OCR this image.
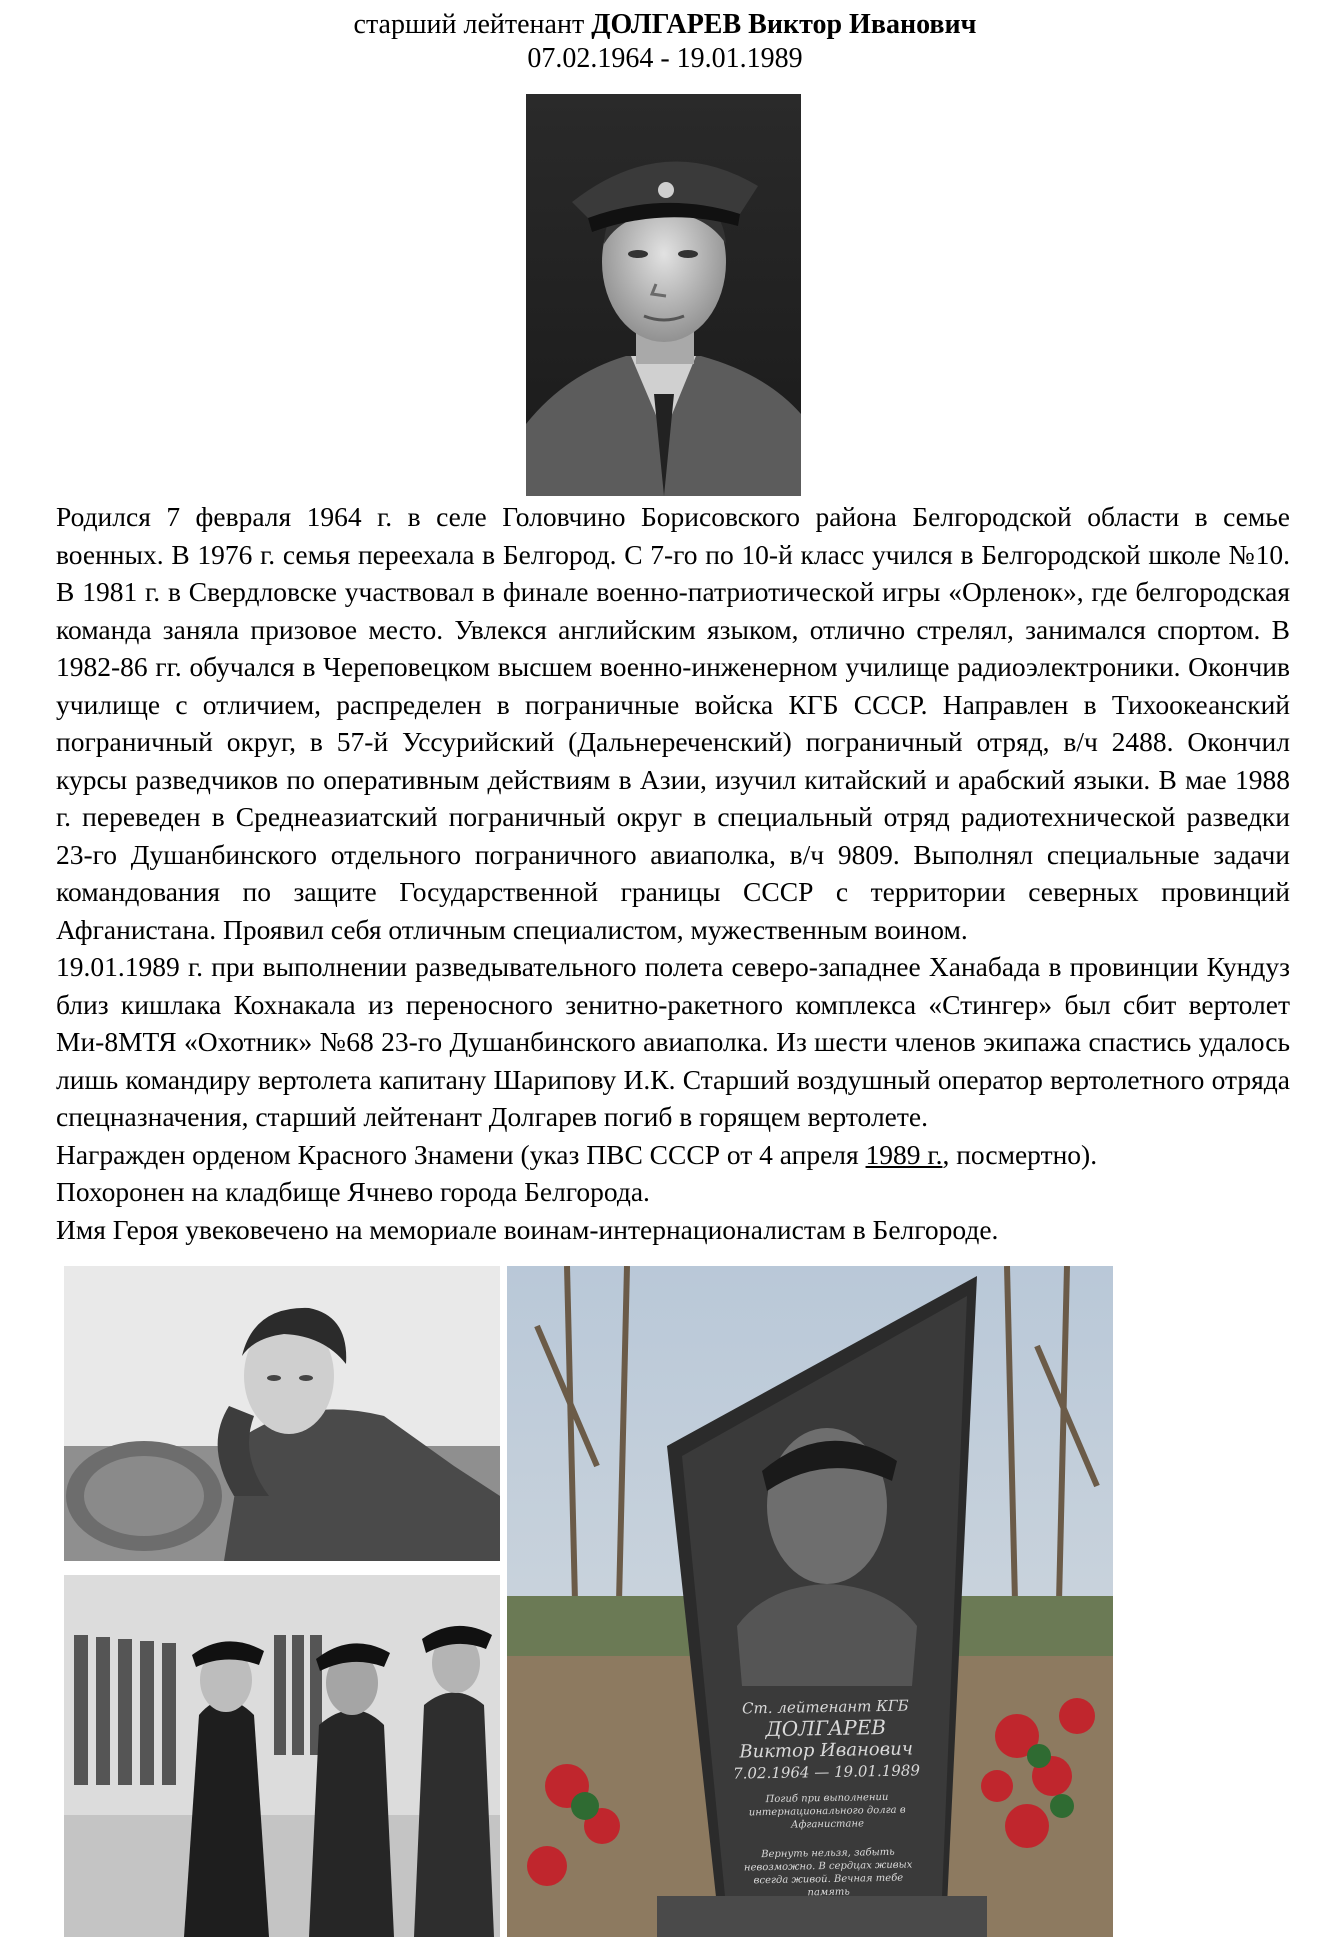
старший лейтенант ДОЛГАРЕВ Виктор Иванович
07.02.1964 - 19.01.1989

Родился 7 февраля 1964 г. в селе Головчино Борисовского района Белгородской области в семье военных. В 1976 г. семья переехала в Белгород. С 7-го по 10-й класс учился в Белгородской школе №10. В 1981 г. в Свердловске участвовал в финале военно-патриотической игры «Орленок», где белгородская команда заняла призовое место. Увлекся английским языком, отлично стрелял, занимался спортом. В 1982-86 гг. обучался в Череповецком высшем военно-инженерном училище радиоэлектроники. Окончив училище с отличием, распределен в пограничные войска КГБ СССР. Направлен в Тихоокеанский пограничный округ, в 57-й Уссурийский (Дальнереченский) пограничный отряд, в/ч 2488. Окончил курсы разведчиков по оперативным действиям в Азии, изучил китайский и арабский языки. В мае 1988 г. переведен в Среднеазиатский пограничный округ в специальный отряд радиотехнической разведки 23-го Душанбинского отдельного пограничного авиаполка, в/ч 9809. Выполнял специальные задачи командования по защите Государственной границы СССР с территории северных провинций Афганистана. Проявил себя отличным специалистом, мужественным воином.

19.01.1989 г. при выполнении разведывательного полета северо-западнее Ханабада в провинции Кундуз близ кишлака Кохнакала из переносного зенитно-ракетного комплекса «Стингер» был сбит вертолет Ми-8МТЯ «Охотник» №68 23-го Душанбинского авиаполка. Из шести членов экипажа спастись удалось лишь командиру вертолета капитану Шарипову И.К. Старший воздушный оператор вертолетного отряда спецназначения, старший лейтенант Долгарев погиб в горящем вертолете.

Награжден орденом Красного Знамени (указ ПВС СССР от 4 апреля 1989 г., посмертно).

Похоронен на кладбище Ячнево города Белгорода.

Имя Героя увековечено на мемориале воинам-интернационалистам в Белгороде.

Ст. лейтенант КГБ
ДОЛГАРЕВ
Виктор Иванович
7.02.1964 — 19.01.1989
Погиб при выполнении интернационального долга в Афганистане
Вернуть нельзя, забыть невозможно. В сердцах живых всегда живой. Вечная тебе память
